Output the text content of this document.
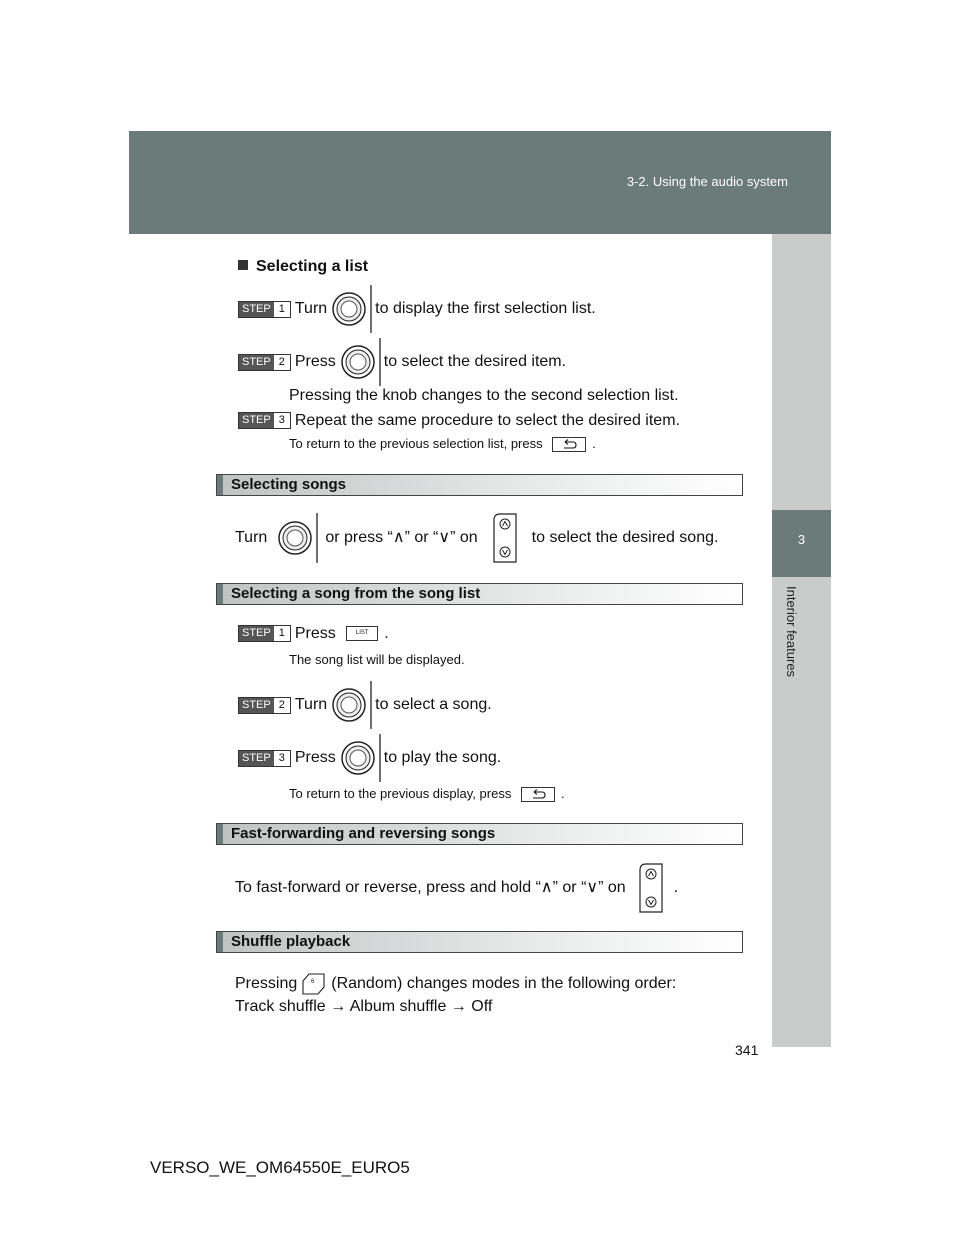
3-2. Using the audio system
3
Interior features
Selecting a list
STEP 1 Turn	to display the first selection list.
STEP 2 Press	to select the desired item.
Pressing the knob changes to the second selection list.
STEP 3 Repeat the same procedure to select the desired item.
To return to the previous selection list, press	.
Selecting songs
Turn	or press “∧” or “∨” on	to select the desired song.
Selecting a song from the song list
STEP 1 Press	LIST .
The song list will be displayed.
STEP 2 Turn	to select a song.
STEP 3 Press	to play the song.
To return to the previous display, press	.
Fast-forwarding and reversing songs
To fast-forward or reverse, press and hold “∧” or “∨” on	.
Shuffle playback
Pressing 6 (Random) changes modes in the following order:
Track shuffle → Album shuffle → Off
341
VERSO_WE_OM64550E_EURO5
